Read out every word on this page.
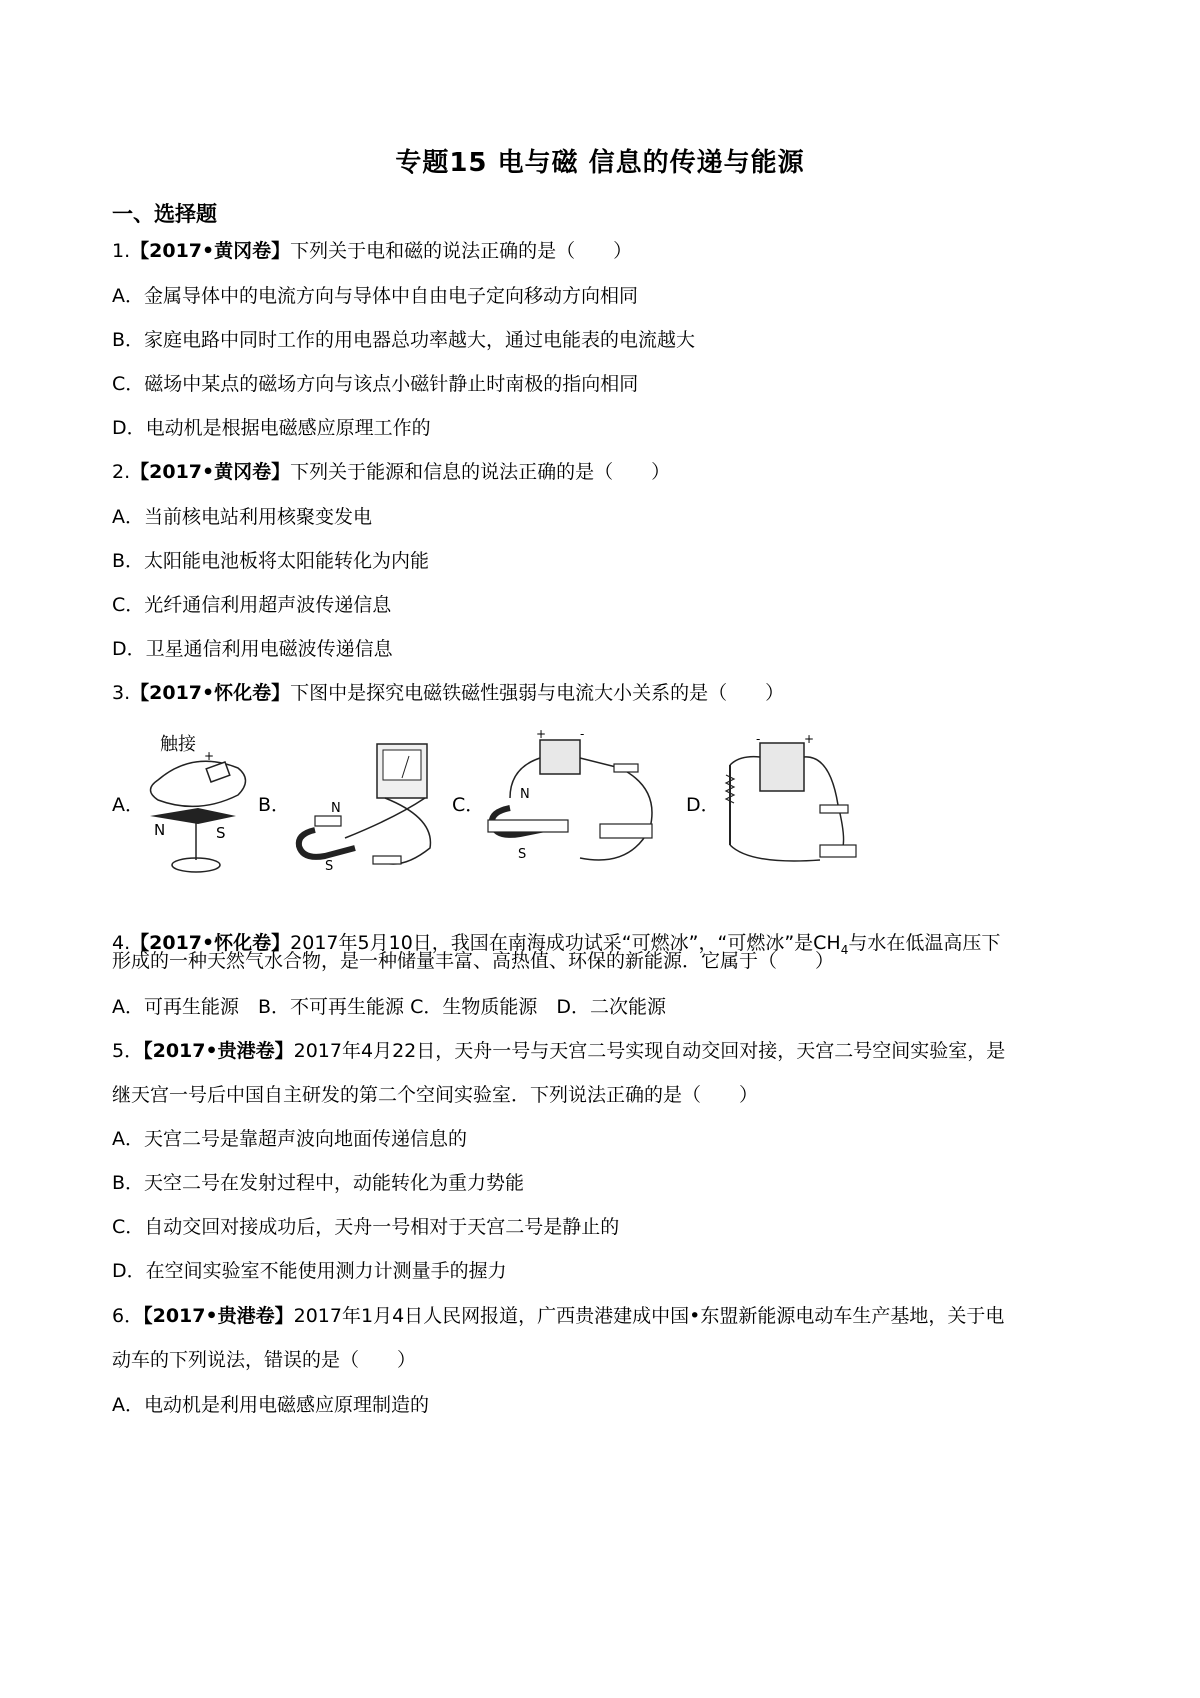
专题15 电与磁 信息的传递与能源
一、选择题
1.【2017•黄冈卷】下列关于电和磁的说法正确的是（　　）
A．金属导体中的电流方向与导体中自由电子定向移动方向相同
B．家庭电路中同时工作的用电器总功率越大，通过电能表的电流越大
C．磁场中某点的磁场方向与该点小磁针静止时南极的指向相同
D．电动机是根据电磁感应原理工作的
2.【2017•黄冈卷】下列关于能源和信息的说法正确的是（　　）
A．当前核电站利用核聚变发电
B．太阳能电池板将太阳能转化为内能
C．光纤通信利用超声波传递信息
D．卫星通信利用电磁波传递信息
3.【2017•怀化卷】下图中是探究电磁铁磁性强弱与电流大小关系的是（　　）
A．
触接
+
N	S
B．	N
S
C．
+	-
N
S
D．
-	+
4.【2017•怀化卷】2017年5月10日，我国在南海成功试采“可燃冰”，“可燃冰”是$CH_4$与水在低温高压下
形成的一种天然气水合物，是一种储量丰富、高热值、环保的新能源．它属于（　　）
A．可再生能源　B．不可再生能源 C．生物质能源　D．二次能源
5．【2017•贵港卷】2017年4月22日，天舟一号与天宫二号实现自动交回对接，天宫二号空间实验室，是
继天宫一号后中国自主研发的第二个空间实验室．下列说法正确的是（　　）
A．天宫二号是靠超声波向地面传递信息的
B．天空二号在发射过程中，动能转化为重力势能
C．自动交回对接成功后，天舟一号相对于天宫二号是静止的
D．在空间实验室不能使用测力计测量手的握力
6．【2017•贵港卷】2017年1月4日人民网报道，广西贵港建成中国•东盟新能源电动车生产基地，关于电
动车的下列说法，错误的是（　　）
A．电动机是利用电磁感应原理制造的
